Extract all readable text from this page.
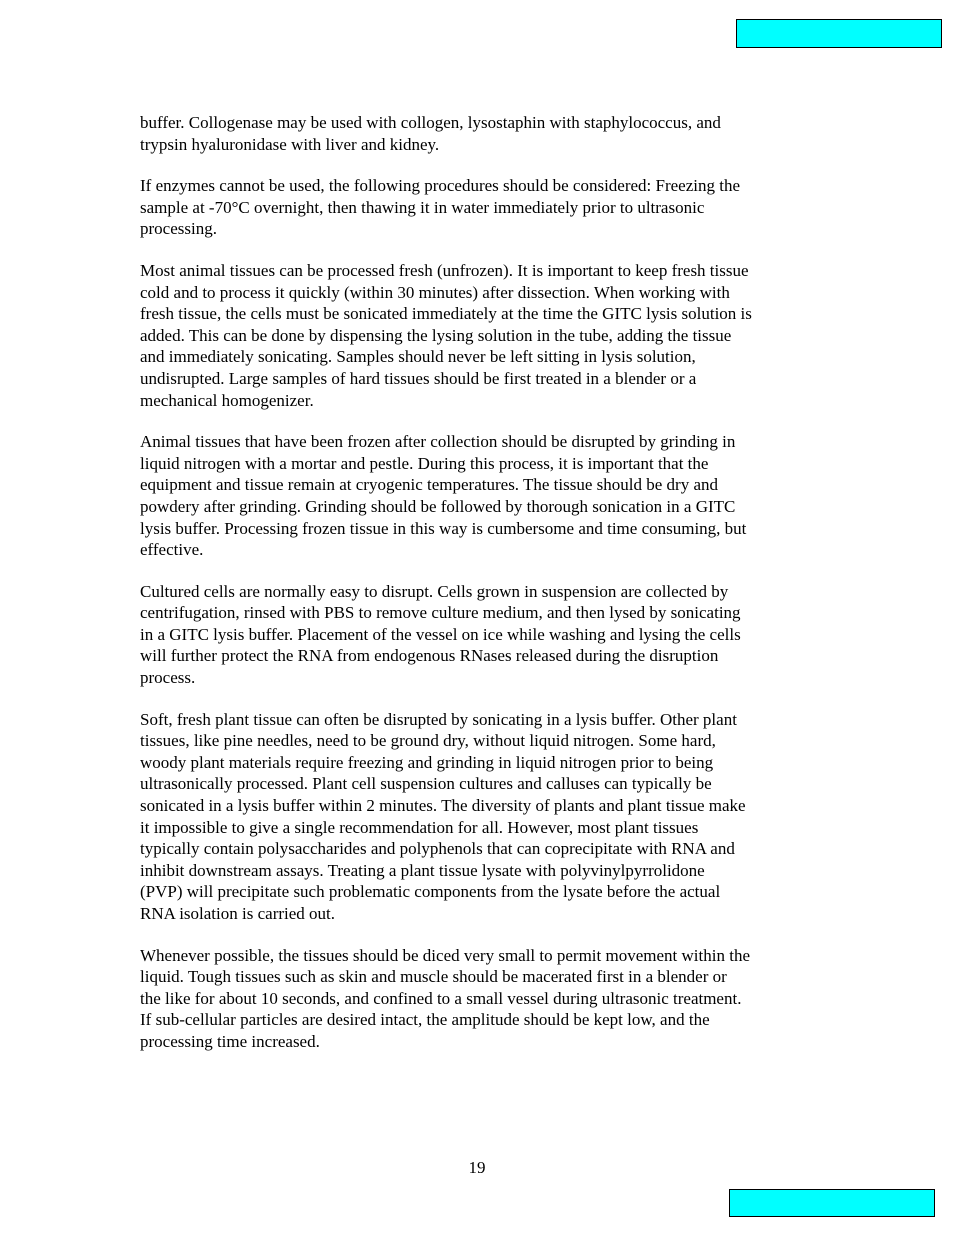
buffer. Collogenase may be used with collogen, lysostaphin with staphylococcus, and
trypsin hyaluronidase with liver and kidney.

If enzymes cannot be used, the following procedures should be considered: Freezing the
sample at -70°C overnight, then thawing it in water immediately prior to ultrasonic
processing.

Most animal tissues can be processed fresh (unfrozen). It is important to keep fresh tissue
cold and to process it quickly (within 30 minutes) after dissection. When working with
fresh tissue, the cells must be sonicated immediately at the time the GITC lysis solution is
added. This can be done by dispensing the lysing solution in the tube, adding the tissue
and immediately sonicating. Samples should never be left sitting in lysis solution,
undisrupted. Large samples of hard tissues should be first treated in a blender or a
mechanical homogenizer.

Animal tissues that have been frozen after collection should be disrupted by grinding in
liquid nitrogen with a mortar and pestle. During this process, it is important that the
equipment and tissue remain at cryogenic temperatures. The tissue should be dry and
powdery after grinding. Grinding should be followed by thorough sonication in a GITC
lysis buffer. Processing frozen tissue in this way is cumbersome and time consuming, but
effective.

Cultured cells are normally easy to disrupt. Cells grown in suspension are collected by
centrifugation, rinsed with PBS to remove culture medium, and then lysed by sonicating
in a GITC lysis buffer. Placement of the vessel on ice while washing and lysing the cells
will further protect the RNA from endogenous RNases released during the disruption
process.

Soft, fresh plant tissue can often be disrupted by sonicating in a lysis buffer. Other plant
tissues, like pine needles, need to be ground dry, without liquid nitrogen. Some hard,
woody plant materials require freezing and grinding in liquid nitrogen prior to being
ultrasonically processed. Plant cell suspension cultures and calluses can typically be
sonicated in a lysis buffer within 2 minutes. The diversity of plants and plant tissue make
it impossible to give a single recommendation for all. However, most plant tissues
typically contain polysaccharides and polyphenols that can coprecipitate with RNA and
inhibit downstream assays. Treating a plant tissue lysate with polyvinylpyrrolidone
(PVP) will precipitate such problematic components from the lysate before the actual
RNA isolation is carried out.

Whenever possible, the tissues should be diced very small to permit movement within the
liquid. Tough tissues such as skin and muscle should be macerated first in a blender or
the like for about 10 seconds, and confined to a small vessel during ultrasonic treatment.
If sub-cellular particles are desired intact, the amplitude should be kept low, and the
processing time increased.

19
